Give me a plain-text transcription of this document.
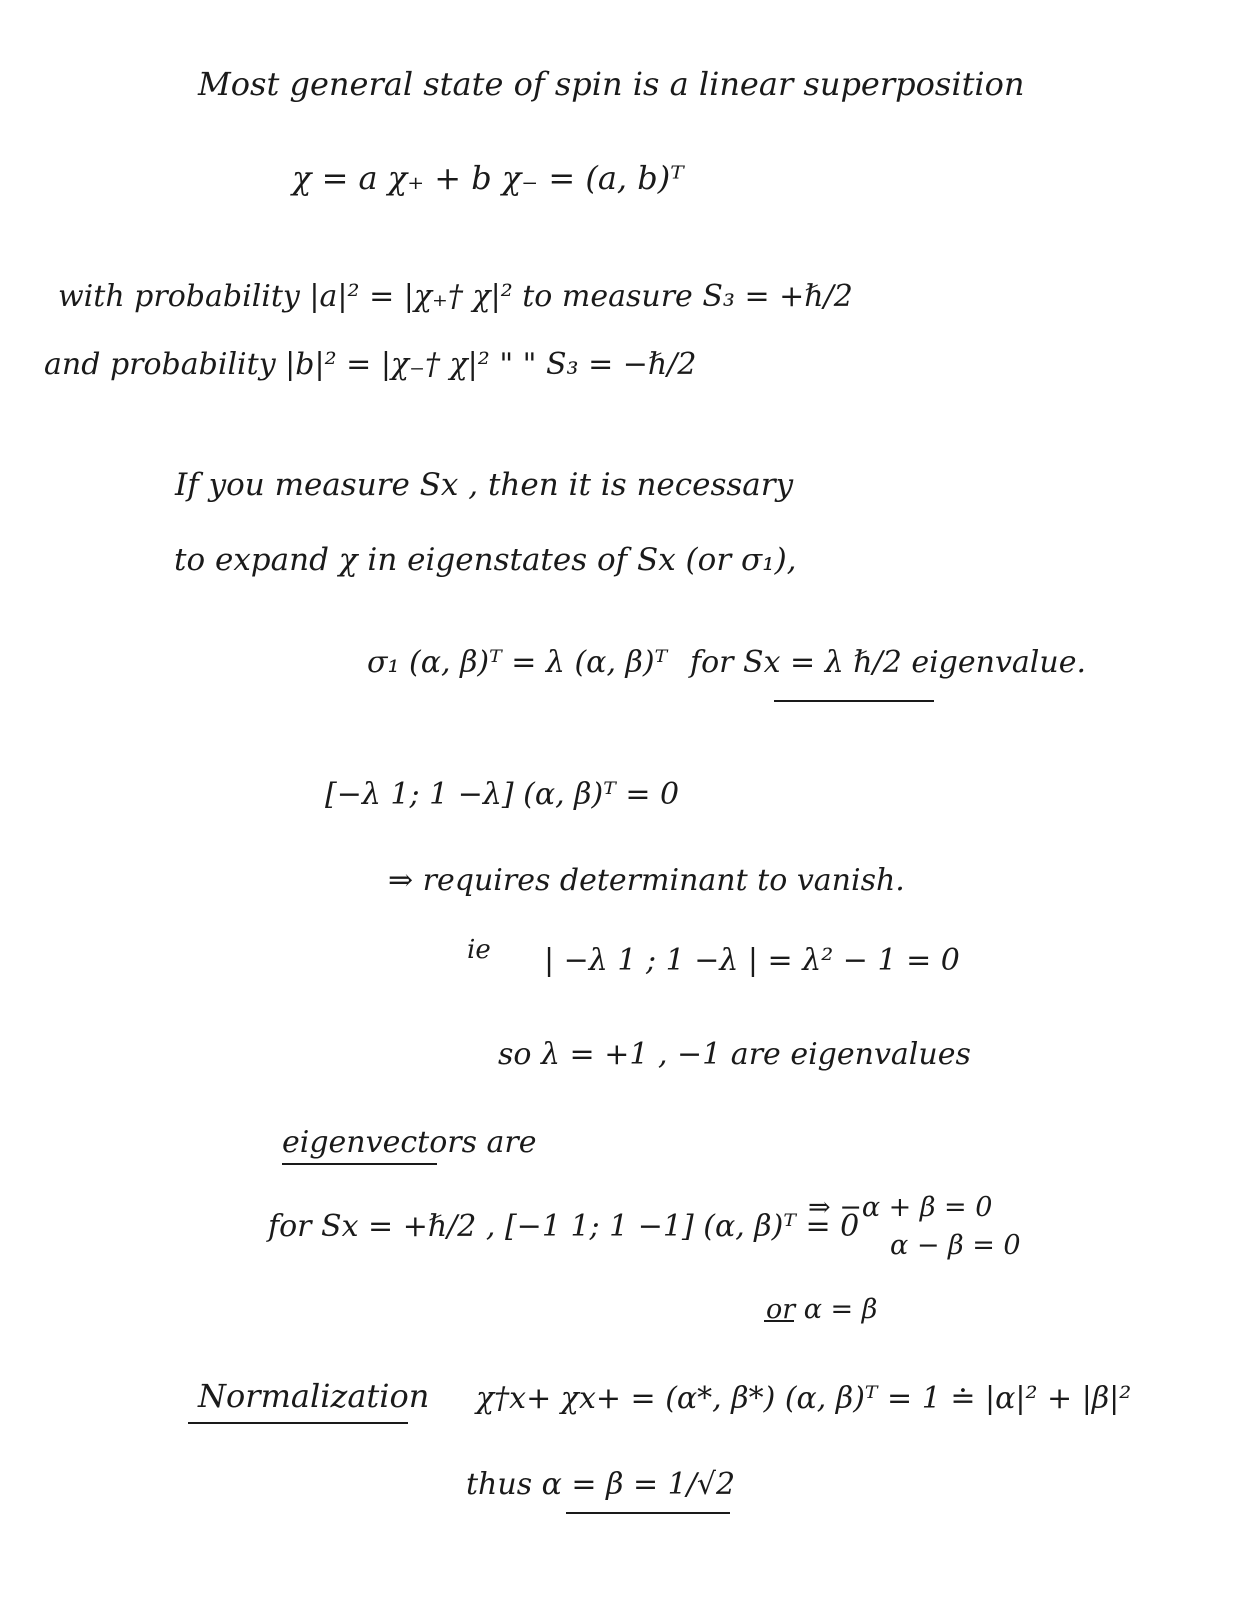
Most general state of spin is a linear superposition
χ = a χ₊ + b χ₋ = (a, b)ᵀ
with probability |a|² = |χ₊† χ|² to measure S₃ = +ℏ/2
and probability |b|² = |χ₋† χ|² " " S₃ = −ℏ/2
If you measure Sx , then it is necessary
to expand χ in eigenstates of Sx (or σ₁),
σ₁ (α, β)ᵀ = λ (α, β)ᵀ for Sx = λ ℏ/2 eigenvalue.
[−λ 1; 1 −λ] (α, β)ᵀ = 0
⇒ requires determinant to vanish.
ie | −λ 1 ; 1 −λ | = λ² − 1 = 0
so λ = +1 , −1 are eigenvalues
eigenvectors are
for Sx = +ℏ/2 , [−1 1; 1 −1] (α, β)ᵀ = 0
⇒ −α + β = 0
α − β = 0
or α = β
Normalization χ†x+ χx+ = (α*, β*) (α, β)ᵀ = 1 ≐ |α|² + |β|²
thus α = β = 1/√2
